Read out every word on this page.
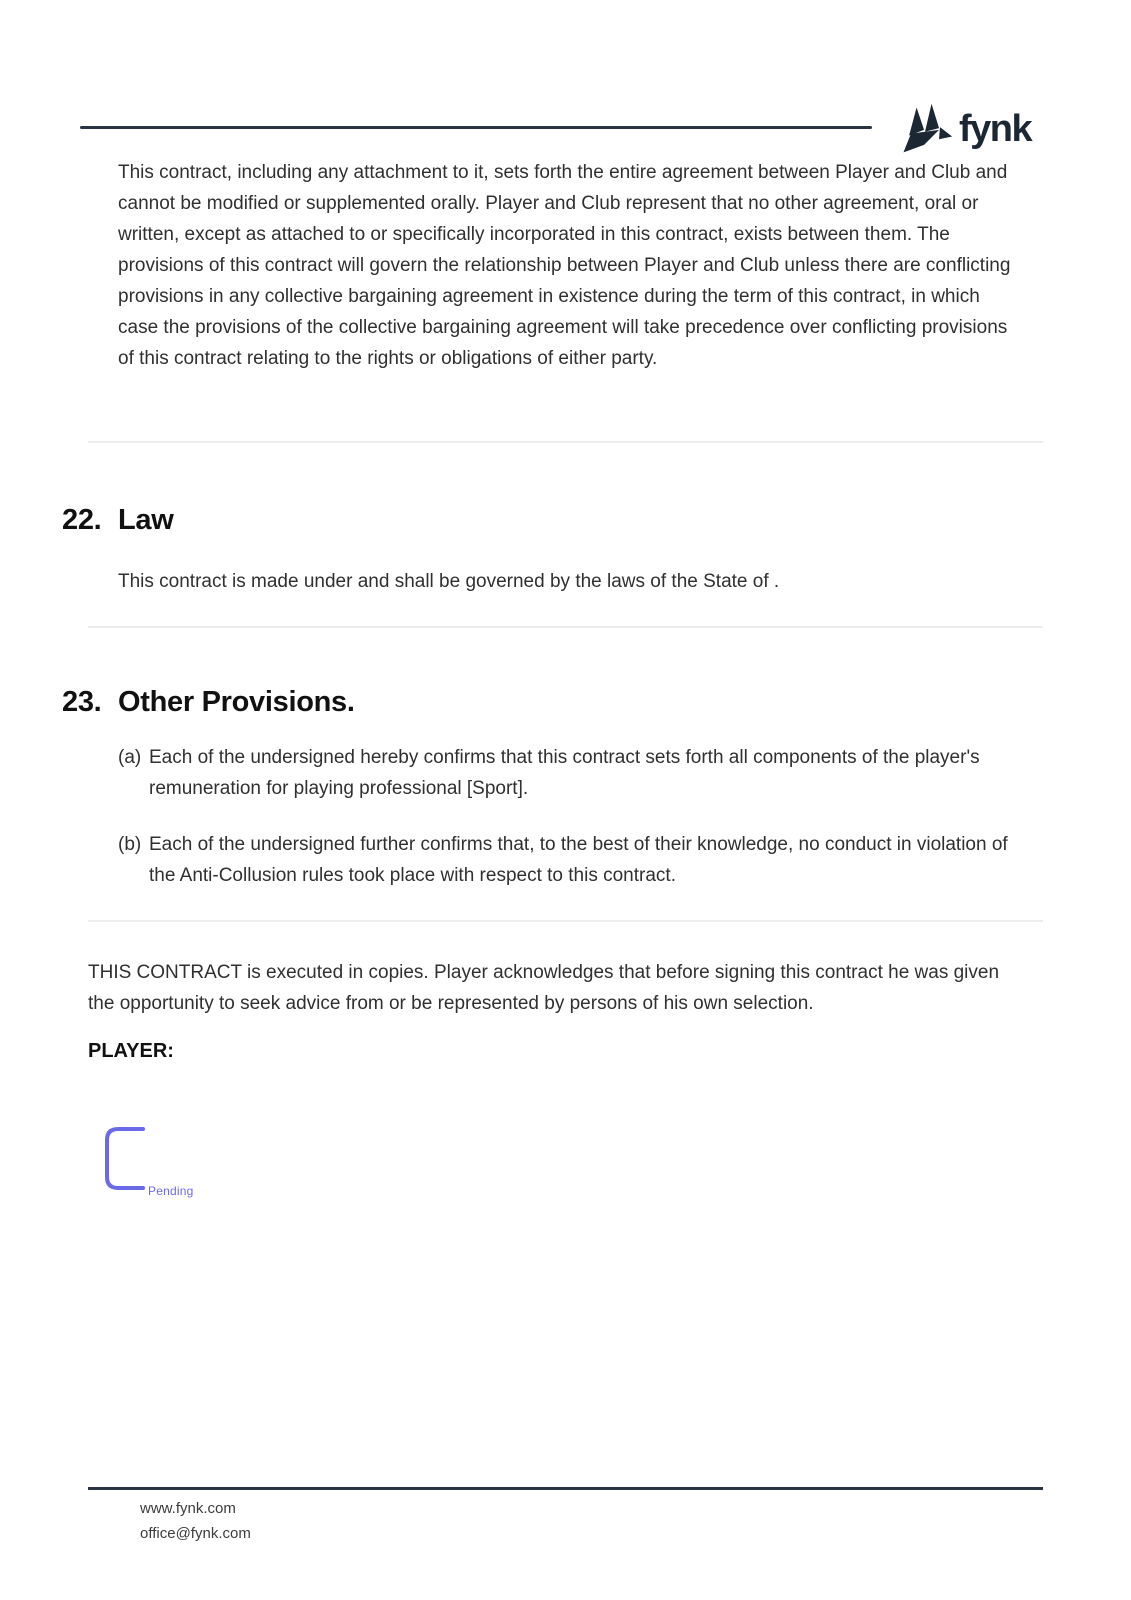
fynk

This contract, including any attachment to it, sets forth the entire agreement between Player and Club and cannot be modified or supplemented orally. Player and Club represent that no other agreement, oral or written, except as attached to or specifically incorporated in this contract, exists between them. The provisions of this contract will govern the relationship between Player and Club unless there are conflicting provisions in any collective bargaining agreement in existence during the term of this contract, in which case the provisions of the collective bargaining agreement will take precedence over conflicting provisions of this contract relating to the rights or obligations of either party.

22. Law

This contract is made under and shall be governed by the laws of the State of .

23. Other Provisions.
(a) Each of the undersigned hereby confirms that this contract sets forth all components of the player's remuneration for playing professional [Sport].
(b) Each of the undersigned further confirms that, to the best of their knowledge, no conduct in violation of the Anti-Collusion rules took place with respect to this contract.

THIS CONTRACT is executed in copies. Player acknowledges that before signing this contract he was given the opportunity to seek advice from or be represented by persons of his own selection.

PLAYER:
Pending
www.fynk.com
office@fynk.com
